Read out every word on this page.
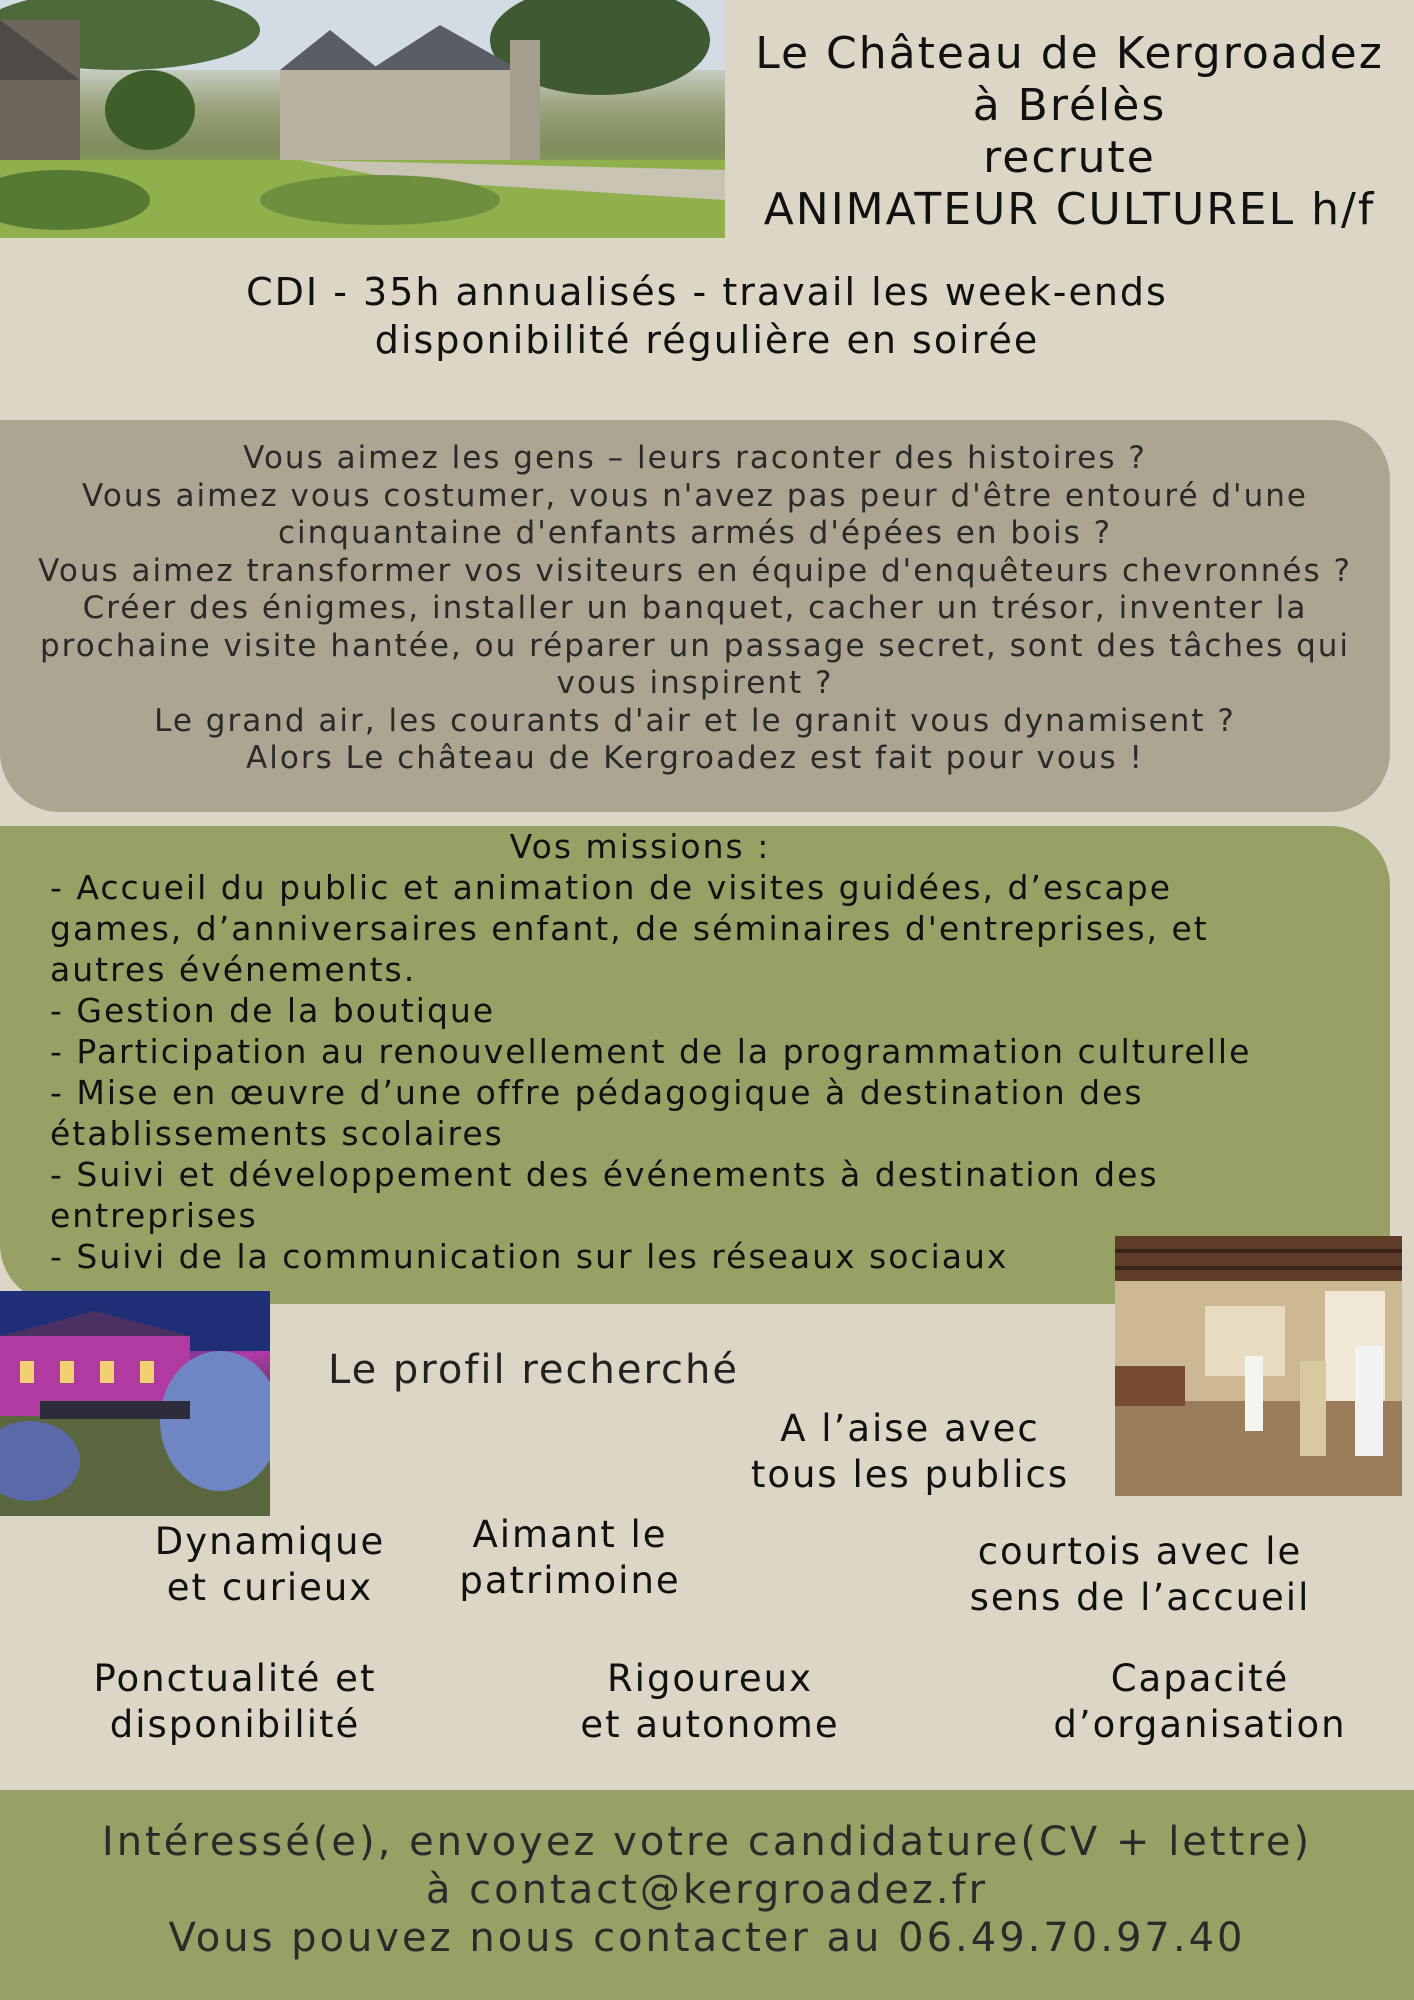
Le Château de Kergroadez
à Brélès
recrute
ANIMATEUR CULTUREL h/f
CDI - 35h annualisés - travail les week-ends
disponibilité régulière en soirée
Vous aimez les gens – leurs raconter des histoires ?
Vous aimez vous costumer, vous n'avez pas peur d'être entouré d'une
cinquantaine d'enfants armés d'épées en bois ?
Vous aimez transformer vos visiteurs en équipe d'enquêteurs chevronnés ?
Créer des énigmes, installer un banquet, cacher un trésor, inventer la
prochaine visite hantée, ou réparer un passage secret, sont des tâches qui
vous inspirent ?
Le grand air, les courants d'air et le granit vous dynamisent ?
Alors Le château de Kergroadez est fait pour vous !
Vos missions :
- Accueil du public et animation de visites guidées, d’escape
games, d’anniversaires enfant, de séminaires d'entreprises, et
autres événements.
- Gestion de la boutique
- Participation au renouvellement de la programmation culturelle
- Mise en œuvre d’une offre pédagogique à destination des
établissements scolaires
- Suivi et développement des événements à destination des
entreprises
- Suivi de la communication sur les réseaux sociaux
Le profil recherché
A l’aise avec
tous les publics
Dynamique
et curieux
Aimant le
patrimoine
courtois avec le
sens de l’accueil
Ponctualité et
disponibilité
Rigoureux
et autonome
Capacité
d’organisation
Intéressé(e), envoyez votre candidature(CV + lettre)
à contact@kergroadez.fr
Vous pouvez nous contacter au 06.49.70.97.40
